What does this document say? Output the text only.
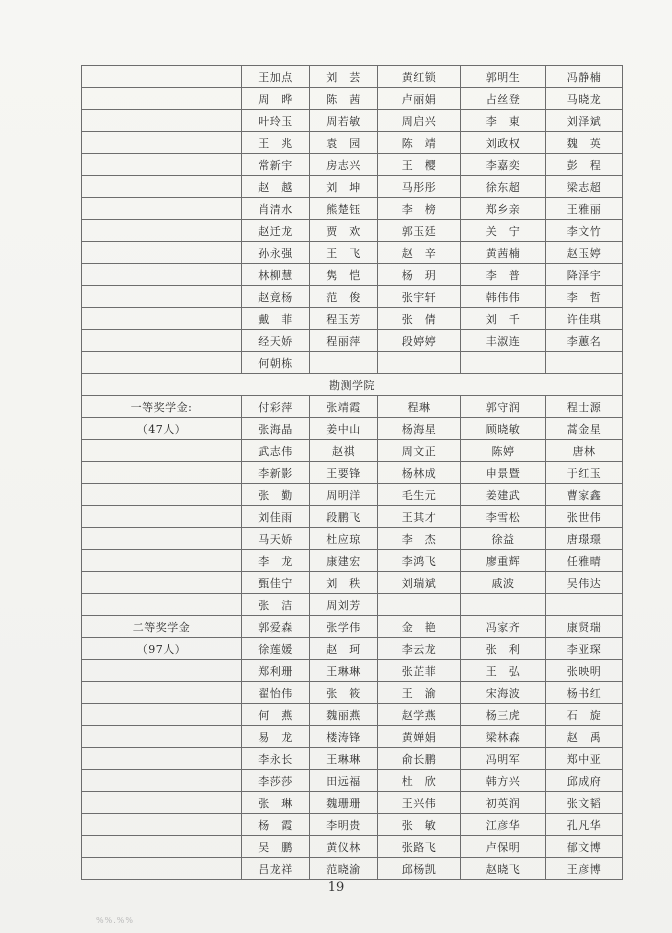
	王加点	刘　芸	黄红锁	郭明生	冯静楠
	周　晔	陈　茜	卢丽娟	占丝登	马晓龙
	叶玲玉	周若敏	周启兴	李　東	刘泽斌
	王　兆	袁　园	陈　靖	刘政权	魏　英
	常新宇	房志兴	王　樱	李嘉奕	彭　程
	赵　越	刘　坤	马彤彤	徐东超	梁志超
	肖清水	熊楚钰	李　榜	郑乡亲	王雅丽
	赵迁龙	贾　欢	郭玉廷	关　宁	李文竹
	孙永强	王　飞	赵　辛	黄茜楠	赵玉婷
	林柳慧	隽　恺	杨　玥	李　普	降泽宇
	赵竟杨	范　俊	张宇轩	韩伟伟	李　哲
	戴　菲	程玉芳	张　倩	刘　千	许佳琪
	经天娇	程丽萍	段婷婷	丰淑连	李蕙名
	何朝栋				
勘测学院					
一等奖学金:	付彩萍	张靖霞	程琳	郭守润	程士源
（47人）	张海晶	姜中山	杨海星	顾晓敏	蒿金星
	武志伟	赵祺	周文正	陈婷	唐林
	李新影	王要锋	杨林成	申景暨	于红玉
	张　勤	周明洋	毛生元	姜建武	曹家鑫
	刘佳雨	段鹏飞	王其才	李雪松	张世伟
	马天娇	杜应琼	李　杰	徐益	唐璟璟
	李　龙	康建宏	李鸿飞	廖重辉	任雅晴
	甄佳宁	刘　秩	刘瑞斌	戚波	吴伟达
	张　洁	周刘芳			
二等奖学金	郭爱森	张学伟	金　艳	冯家齐	康贤瑞
（97人）	徐莲媛	赵　珂	李云龙	张　利	李亚琛
	郑利珊	王琳琳	张芷菲	王　弘	张映明
	翟怡伟	张　筱	王　渝	宋海波	杨书红
	何　燕	魏丽燕	赵学燕	杨三虎	石　旋
	易　龙	楼涛锋	黄婵娟	梁林森	赵　禹
	李永长	王琳琳	俞长鹏	冯明军	郑中亚
	李莎莎	田远福	杜　欣	韩方兴	邱成府
	张　琳	魏珊珊	王兴伟	初英润	张文韬
	杨　霞	李明贵	张　敏	江彦华	孔凡华
	吴　鹏	黄仪林	张路飞	卢保明	郁文博
	吕龙祥	范晓渝	邱杨凯	赵晓飞	王彦博
19
%%.%%
